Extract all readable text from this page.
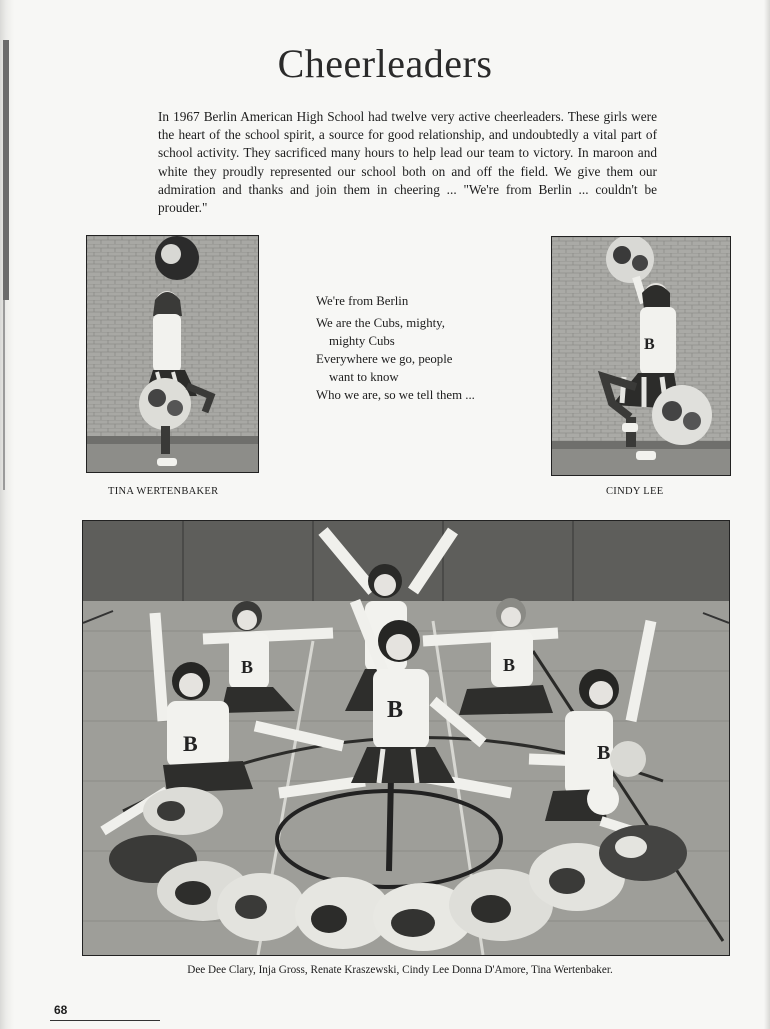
Cheerleaders
In 1967 Berlin American High School had twelve very active cheerleaders. These girls were the heart of the school spirit, a source for good relationship, and undoubtedly a vital part of school activity. They sacrificed many hours to help lead our team to victory. In maroon and white they proudly represented our school both on and off the field. We give them our admiration and thanks and join them in cheering ... "We're from Berlin ... couldn't be prouder."
We're from Berlin
We are the Cubs, mighty,
mighty Cubs
Everywhere we go, people
want to know
Who we are, so we tell them ...
B
TINA WERTENBAKER	CINDY LEE
B	B
B
B
B
Dee Dee Clary, Inja Gross, Renate Kraszewski, Cindy Lee Donna D'Amore, Tina Wertenbaker.
68
